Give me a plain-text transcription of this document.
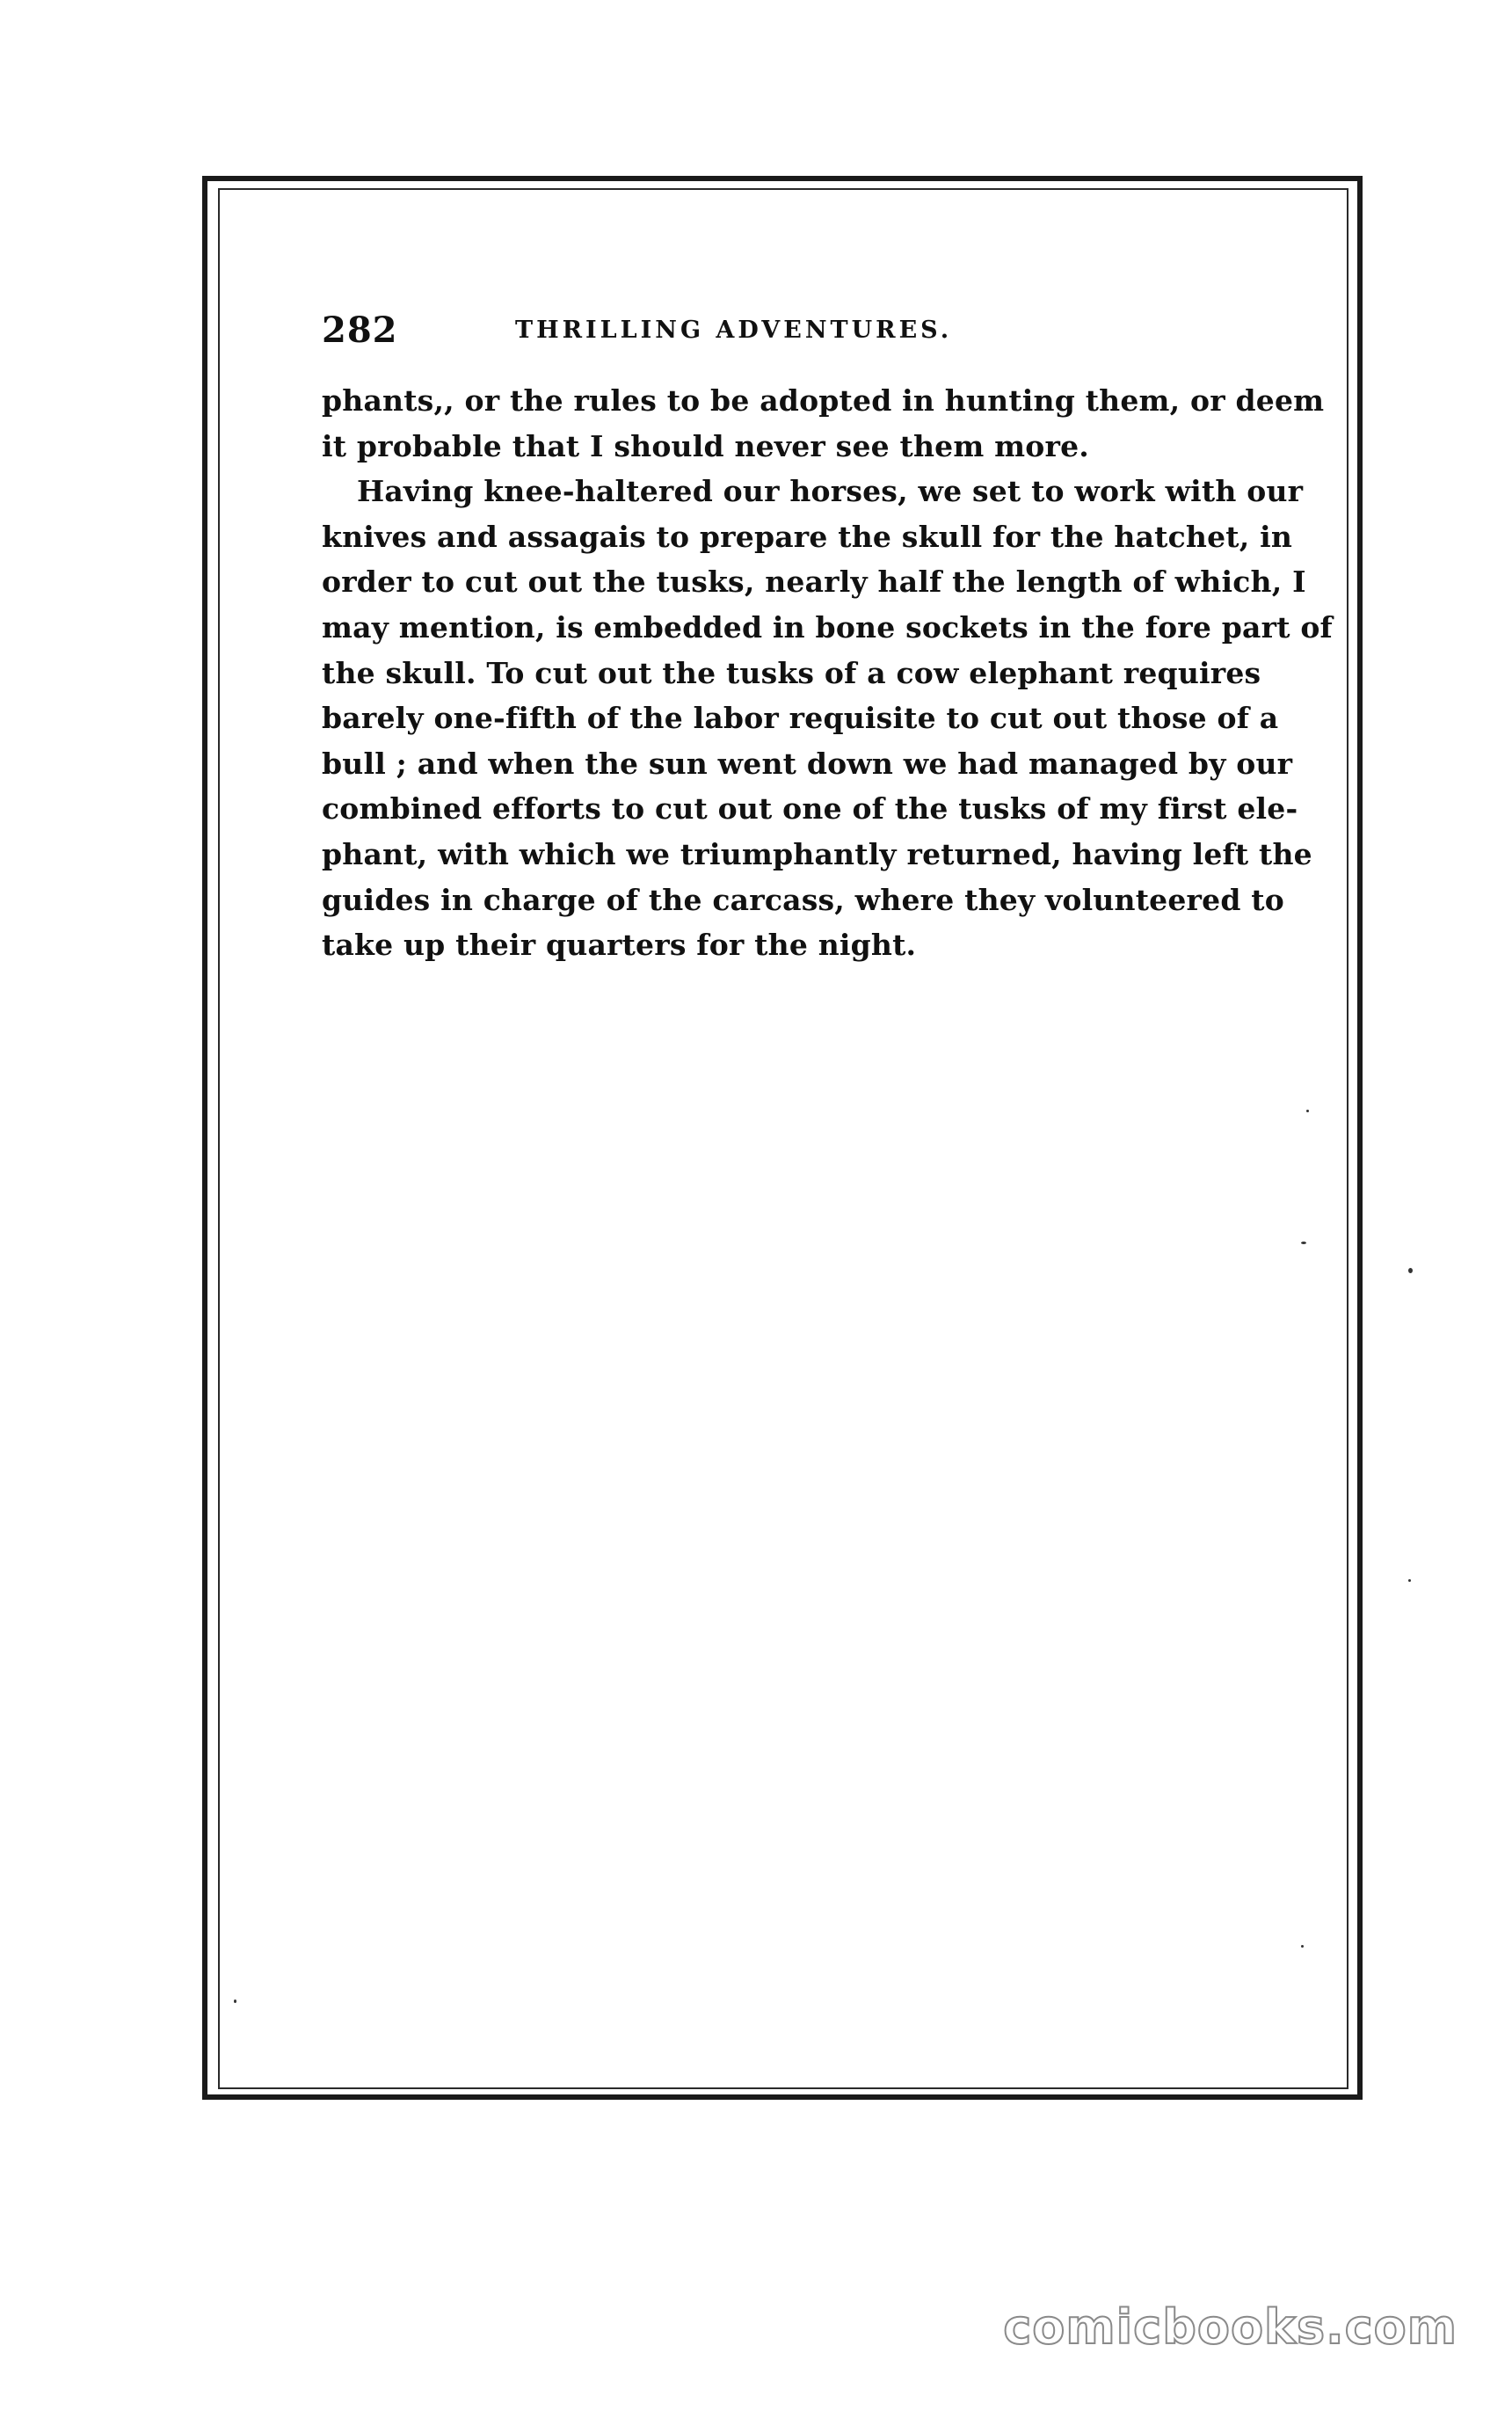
282	THRILLING ADVENTURES.
phants,, or the rules to be adopted in hunting them, or deem
it probable that I should never see them more.
Having knee-haltered our horses, we set to work with our
knives and assagais to prepare the skull for the hatchet, in
order to cut out the tusks, nearly half the length of which, I
may mention, is embedded in bone sockets in the fore part of
the skull. To cut out the tusks of a cow elephant requires
barely one-fifth of the labor requisite to cut out those of a
bull ; and when the sun went down we had managed by our
combined efforts to cut out one of the tusks of my first ele-
phant, with which we triumphantly returned, having left the
guides in charge of the carcass, where they volunteered to
take up their quarters for the night.
comicbooks.com
